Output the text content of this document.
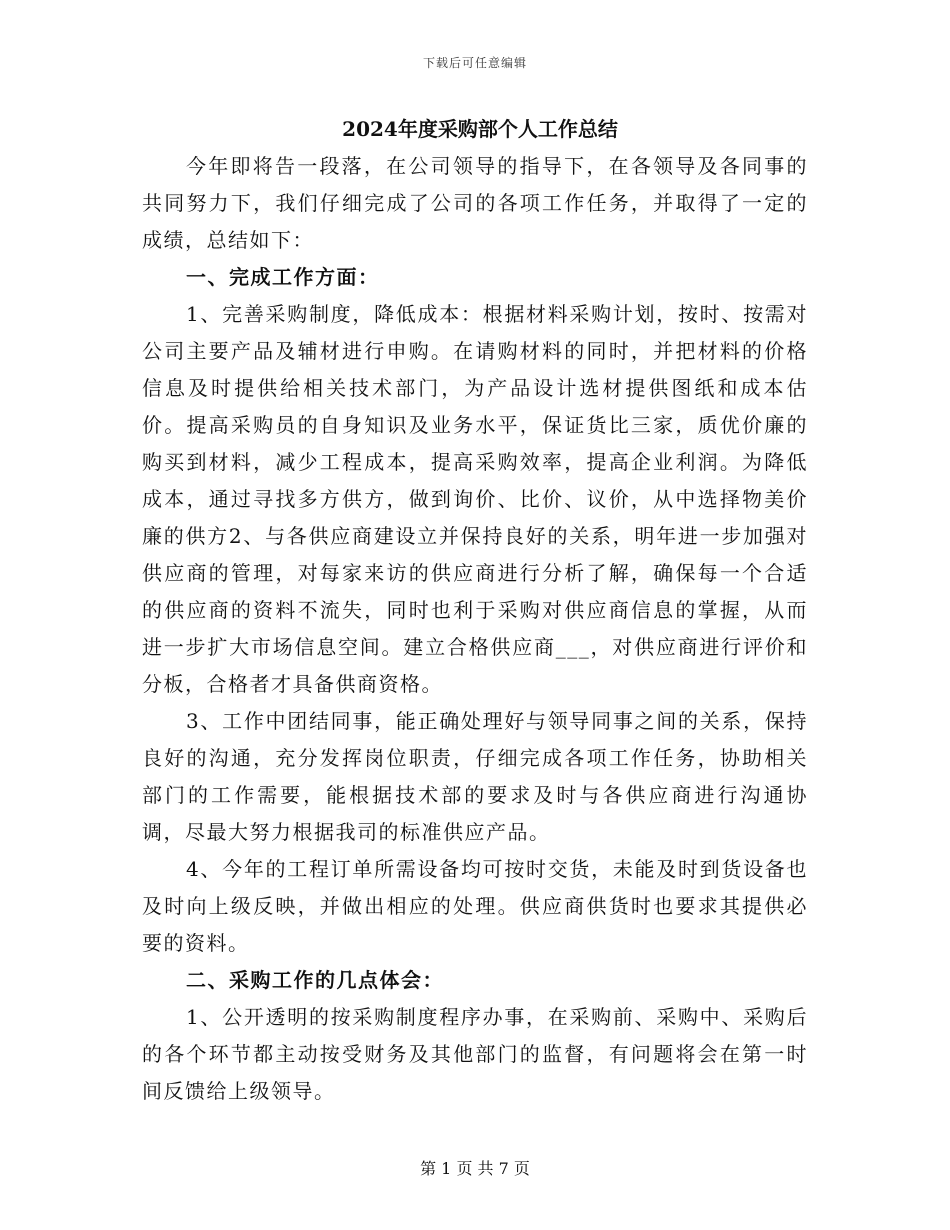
下载后可任意编辑

2024年度采购部个人工作总结

今年即将告一段落，在公司领导的指导下，在各领导及各同事的共同努力下，我们仔细完成了公司的各项工作任务，并取得了一定的成绩，总结如下：

一、完成工作方面：

1、完善采购制度，降低成本：根据材料采购计划，按时、按需对公司主要产品及辅材进行申购。在请购材料的同时，并把材料的价格信息及时提供给相关技术部门，为产品设计选材提供图纸和成本估价。提高采购员的自身知识及业务水平，保证货比三家，质优价廉的购买到材料，减少工程成本，提高采购效率，提高企业利润。为降低成本，通过寻找多方供方，做到询价、比价、议价，从中选择物美价廉的供方2、与各供应商建设立并保持良好的关系，明年进一步加强对供应商的管理，对每家来访的供应商进行分析了解，确保每一个合适的供应商的资料不流失，同时也利于采购对供应商信息的掌握，从而进一步扩大市场信息空间。建立合格供应商___，对供应商进行评价和分板，合格者才具备供商资格。

3、工作中团结同事，能正确处理好与领导同事之间的关系，保持良好的沟通，充分发挥岗位职责，仔细完成各项工作任务，协助相关部门的工作需要，能根据技术部的要求及时与各供应商进行沟通协调，尽最大努力根据我司的标准供应产品。

4、今年的工程订单所需设备均可按时交货，未能及时到货设备也及时向上级反映，并做出相应的处理。供应商供货时也要求其提供必要的资料。

二、采购工作的几点体会：

1、公开透明的按采购制度程序办事，在采购前、采购中、采购后的各个环节都主动按受财务及其他部门的监督，有问题将会在第一时间反馈给上级领导。

第 1 页 共 7 页
